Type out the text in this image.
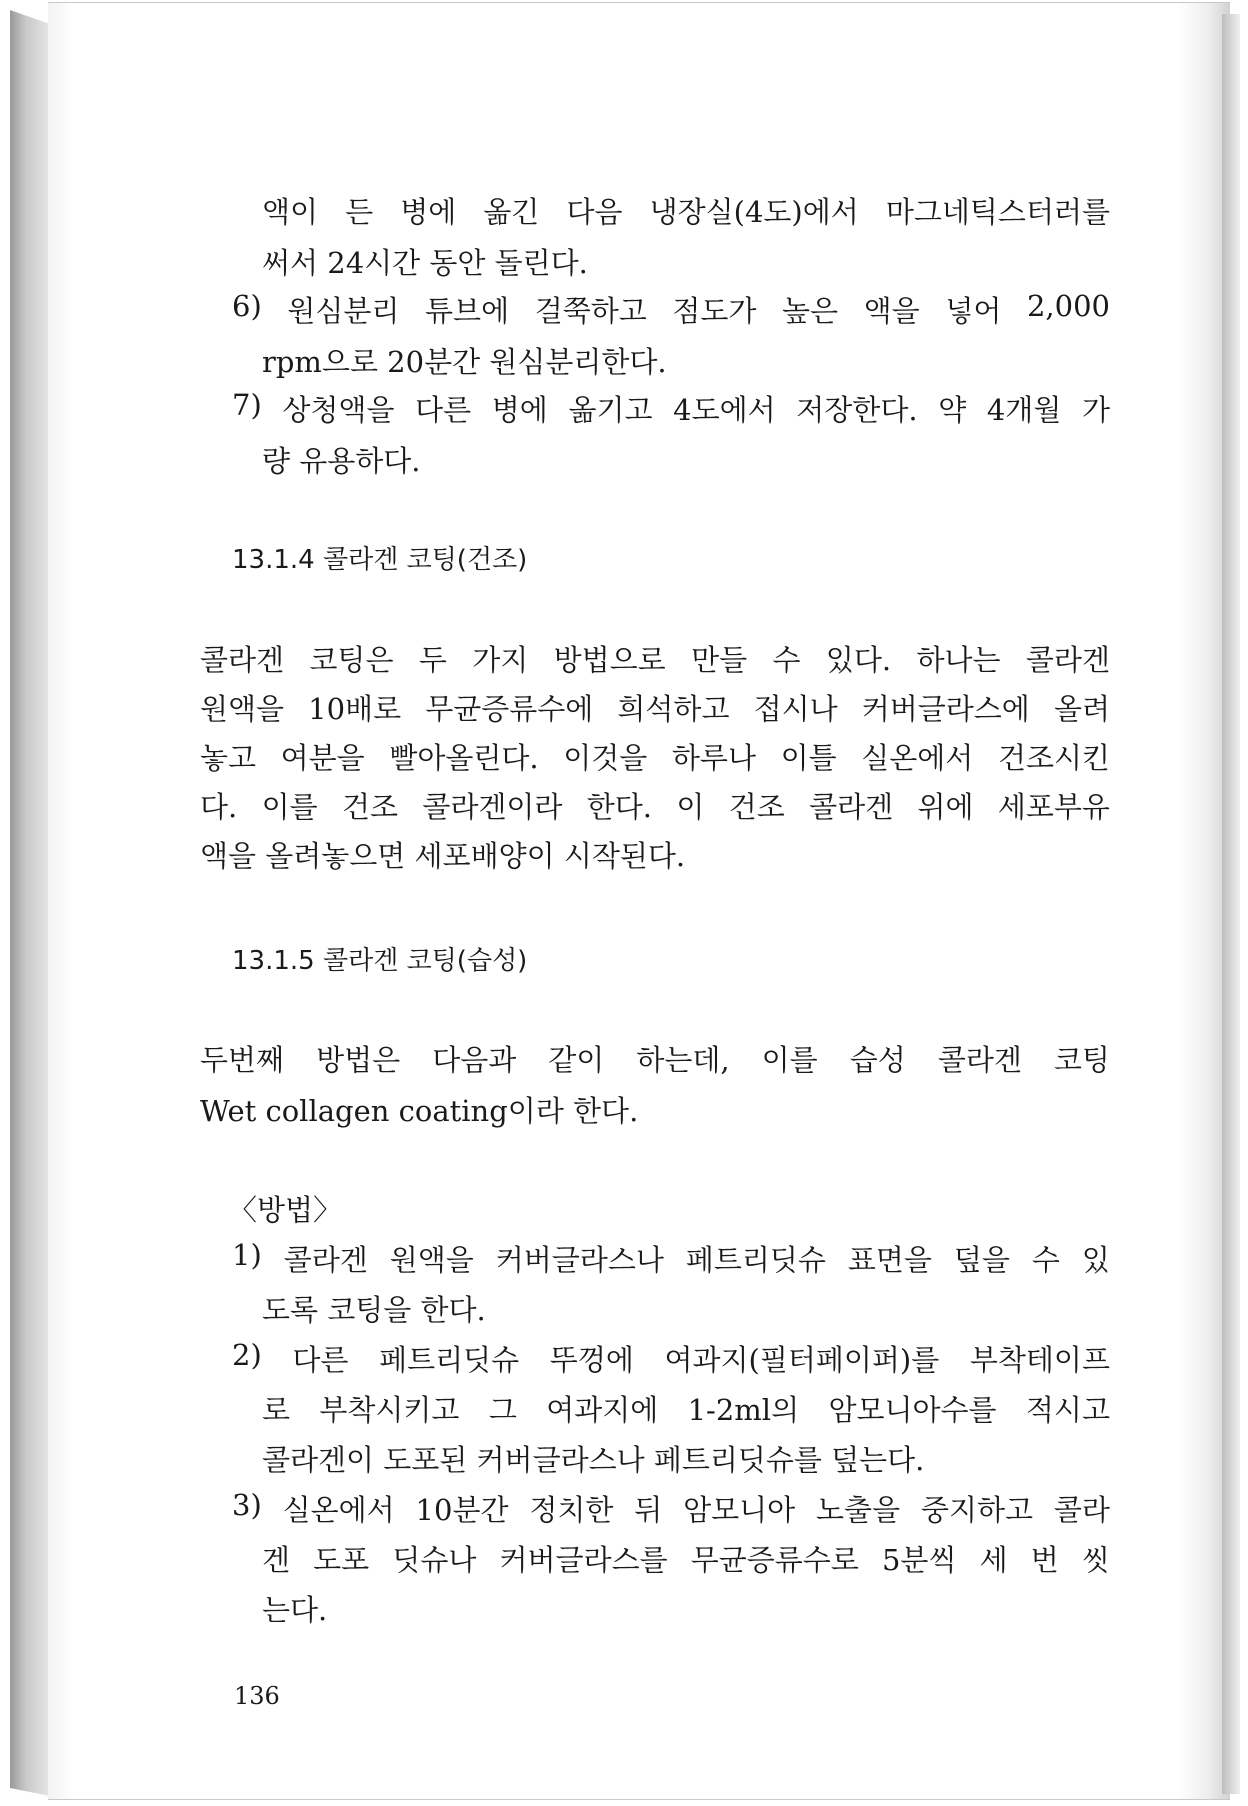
액이 든 병에 옮긴 다음 냉장실(4도)에서 마그네틱스터러를
써서 24시간 동안 돌린다.
6) 원심분리 튜브에 걸쭉하고 점도가 높은 액을 넣어 2,000
rpm으로 20분간 원심분리한다.
7) 상청액을 다른 병에 옮기고 4도에서 저장한다. 약 4개월 가
량 유용하다.
13.1.4 콜라겐 코팅(건조)
콜라겐 코팅은 두 가지 방법으로 만들 수 있다. 하나는 콜라겐
원액을 10배로 무균증류수에 희석하고 접시나 커버글라스에 올려
놓고 여분을 빨아올린다. 이것을 하루나 이틀 실온에서 건조시킨
다. 이를 건조 콜라겐이라 한다. 이 건조 콜라겐 위에 세포부유
액을 올려놓으면 세포배양이 시작된다.
13.1.5 콜라겐 코팅(습성)
두번째 방법은 다음과 같이 하는데, 이를 습성 콜라겐 코팅
Wet collagen coating이라 한다.
〈방법〉
1) 콜라겐 원액을 커버글라스나 페트리딧슈 표면을 덮을 수 있
도록 코팅을 한다.
2) 다른 페트리딧슈 뚜껑에 여과지(필터페이퍼)를 부착테이프
로 부착시키고 그 여과지에 1-2ml의 암모니아수를 적시고
콜라겐이 도포된 커버글라스나 페트리딧슈를 덮는다.
3) 실온에서 10분간 정치한 뒤 암모니아 노출을 중지하고 콜라
겐 도포 딧슈나 커버글라스를 무균증류수로 5분씩 세 번 씻
는다.
136
